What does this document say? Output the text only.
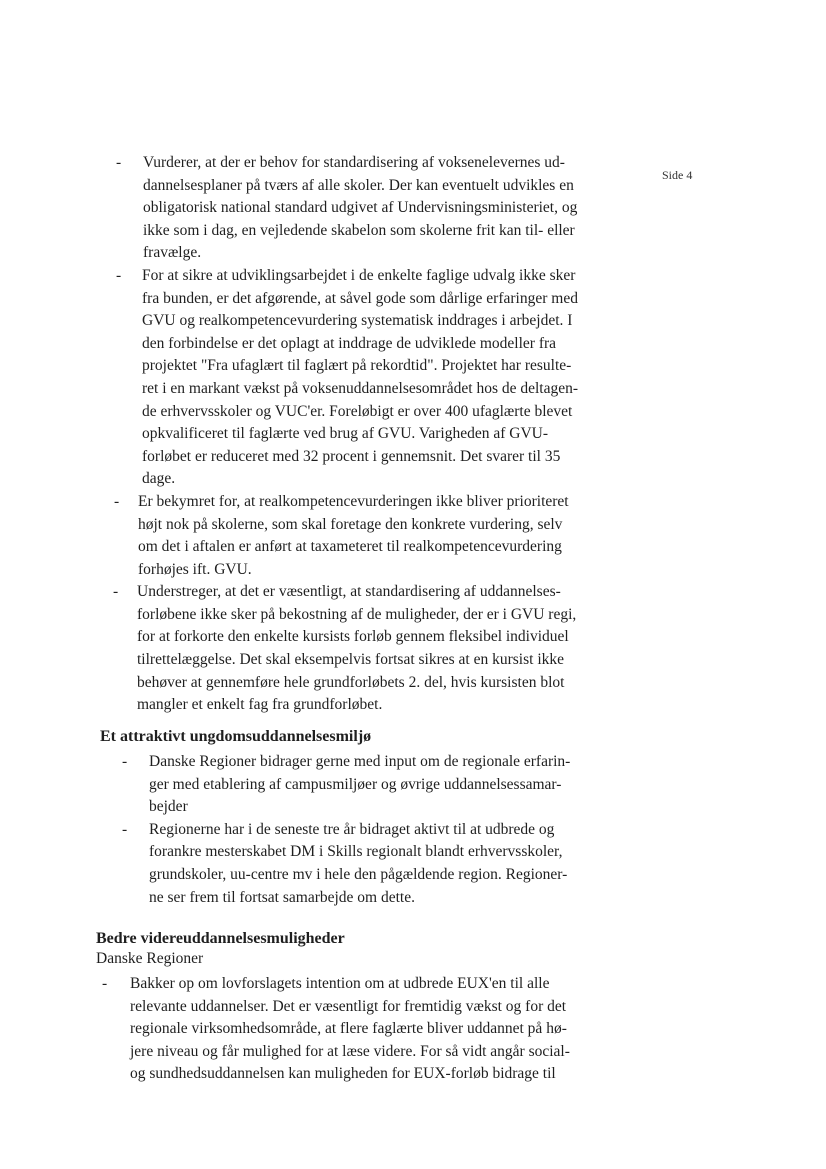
Side 4
- Vurderer, at der er behov for standardisering af voksenelevernes ud-
dannelsesplaner på tværs af alle skoler. Der kan eventuelt udvikles en
obligatorisk national standard udgivet af Undervisningsministeriet, og
ikke som i dag, en vejledende skabelon som skolerne frit kan til- eller
fravælge.
- For at sikre at udviklingsarbejdet i de enkelte faglige udvalg ikke sker
fra bunden, er det afgørende, at såvel gode som dårlige erfaringer med
GVU og realkompetencevurdering systematisk inddrages i arbejdet. I
den forbindelse er det oplagt at inddrage de udviklede modeller fra
projektet "Fra ufaglært til faglært på rekordtid". Projektet har resulte-
ret i en markant vækst på voksenuddannelsesområdet hos de deltagen-
de erhvervsskoler og VUC'er. Foreløbigt er over 400 ufaglærte blevet
opkvalificeret til faglærte ved brug af GVU. Varigheden af GVU-
forløbet er reduceret med 32 procent i gennemsnit. Det svarer til 35
dage.
- Er bekymret for, at realkompetencevurderingen ikke bliver prioriteret
højt nok på skolerne, som skal foretage den konkrete vurdering, selv
om det i aftalen er anført at taxameteret til realkompetencevurdering
forhøjes ift. GVU.
- Understreger, at det er væsentligt, at standardisering af uddannelses-
forløbene ikke sker på bekostning af de muligheder, der er i GVU regi,
for at forkorte den enkelte kursists forløb gennem fleksibel individuel
tilrettelæggelse. Det skal eksempelvis fortsat sikres at en kursist ikke
behøver at gennemføre hele grundforløbets 2. del, hvis kursisten blot
mangler et enkelt fag fra grundforløbet.
Et attraktivt ungdomsuddannelsesmiljø
- Danske Regioner bidrager gerne med input om de regionale erfarin-
ger med etablering af campusmiljøer og øvrige uddannelsessamar-
bejder
- Regionerne har i de seneste tre år bidraget aktivt til at udbrede og
forankre mesterskabet DM i Skills regionalt blandt erhvervsskoler,
grundskoler, uu-centre mv i hele den pågældende region. Regioner-
ne ser frem til fortsat samarbejde om dette.
Bedre videreuddannelsesmuligheder
Danske Regioner
- Bakker op om lovforslagets intention om at udbrede EUX'en til alle
relevante uddannelser. Det er væsentligt for fremtidig vækst og for det
regionale virksomhedsområde, at flere faglærte bliver uddannet på hø-
jere niveau og får mulighed for at læse videre. For så vidt angår social-
og sundhedsuddannelsen kan muligheden for EUX-forløb bidrage til
